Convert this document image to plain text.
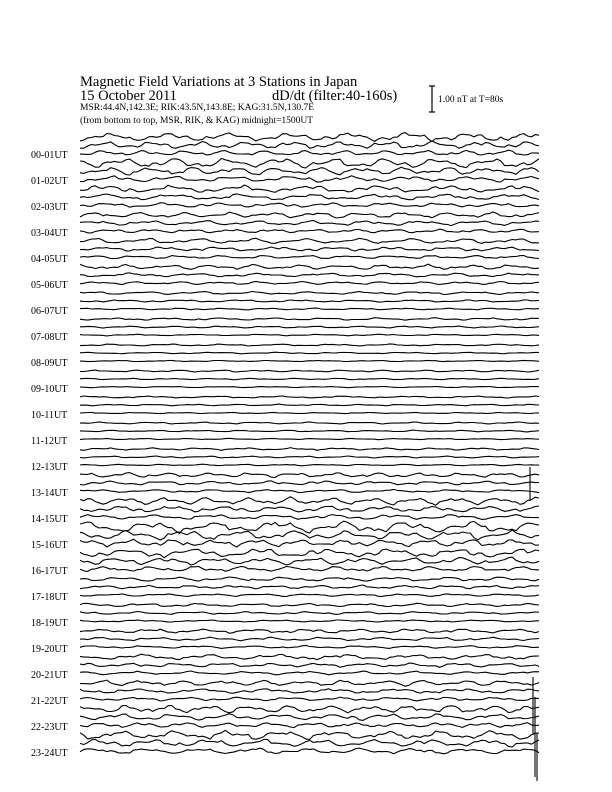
Magnetic Field Variations at 3 Stations in Japan
15 October 2011	dD/dt (filter:40-160s)
MSR:44.4N,142.3E; RIK:43.5N,143.8E; KAG:31.5N,130.7E
(from bottom to top, MSR, RIK, & KAG) midnight=1500UT
1.00 nT at T=80s
00-01UT
01-02UT
02-03UT
03-04UT
04-05UT
05-06UT
06-07UT
07-08UT
08-09UT
09-10UT
10-11UT
11-12UT
12-13UT
13-14UT
14-15UT
15-16UT
16-17UT
17-18UT
18-19UT
19-20UT
20-21UT
21-22UT
22-23UT
23-24UT
